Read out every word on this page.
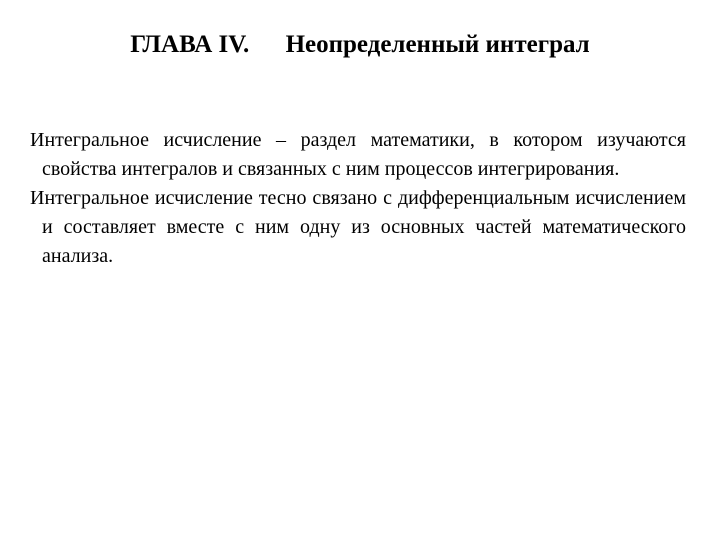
ГЛАВА IV. Неопределенный интеграл

Интегральное исчисление – раздел математики, в котором изучаются свойства интегралов и связанных с ним процессов интегрирования.

Интегральное исчисление тесно связано с дифференциальным исчислением и составляет вместе с ним одну из основных частей математического анализа.
